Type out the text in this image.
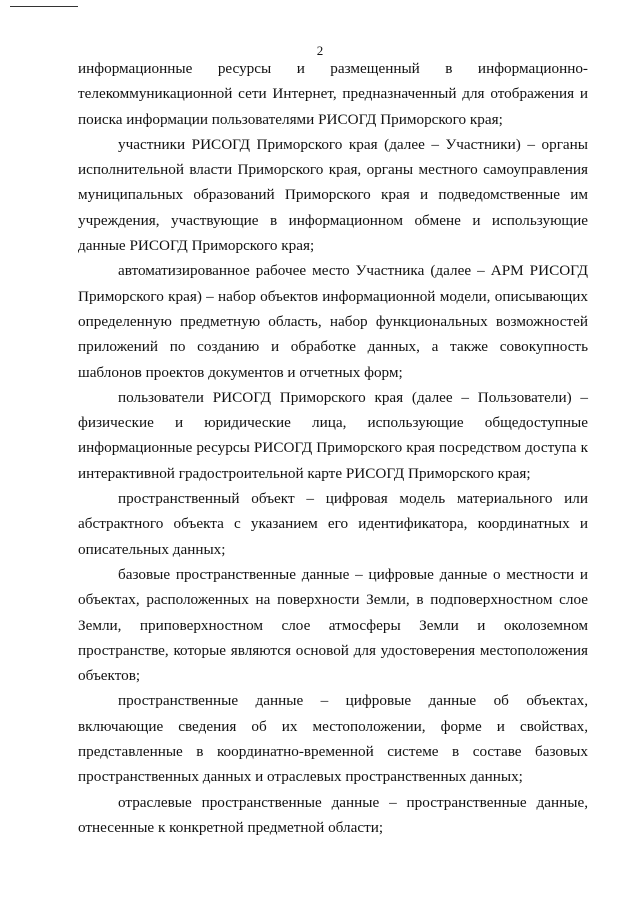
2

информационные ресурсы и размещенный в информационно-телекоммуникационной сети Интернет, предназначенный для отображения и поиска информации пользователями РИСОГД Приморского края;

участники РИСОГД Приморского края (далее – Участники) – органы исполнительной власти Приморского края, органы местного самоуправления муниципальных образований Приморского края и подведомственные им учреждения, участвующие в информационном обмене и использующие данные РИСОГД Приморского края;

автоматизированное рабочее место Участника (далее – АРМ РИСОГД Приморского края) – набор объектов информационной модели, описывающих определенную предметную область, набор функциональных возможностей приложений по созданию и обработке данных, а также совокупность шаблонов проектов документов и отчетных форм;

пользователи РИСОГД Приморского края (далее – Пользователи) – физические и юридические лица, использующие общедоступные информационные ресурсы РИСОГД Приморского края посредством доступа к интерактивной градостроительной карте РИСОГД Приморского края;

пространственный объект – цифровая модель материального или абстрактного объекта с указанием его идентификатора, координатных и описательных данных;

базовые пространственные данные – цифровые данные о местности и объектах, расположенных на поверхности Земли, в подповерхностном слое Земли, приповерхностном слое атмосферы Земли и околоземном пространстве, которые являются основой для удостоверения местоположения объектов;

пространственные данные – цифровые данные об объектах, включающие сведения об их местоположении, форме и свойствах, представленные в координатно-временной системе в составе базовых пространственных данных и отраслевых пространственных данных;

отраслевые пространственные данные – пространственные данные, отнесенные к конкретной предметной области;
